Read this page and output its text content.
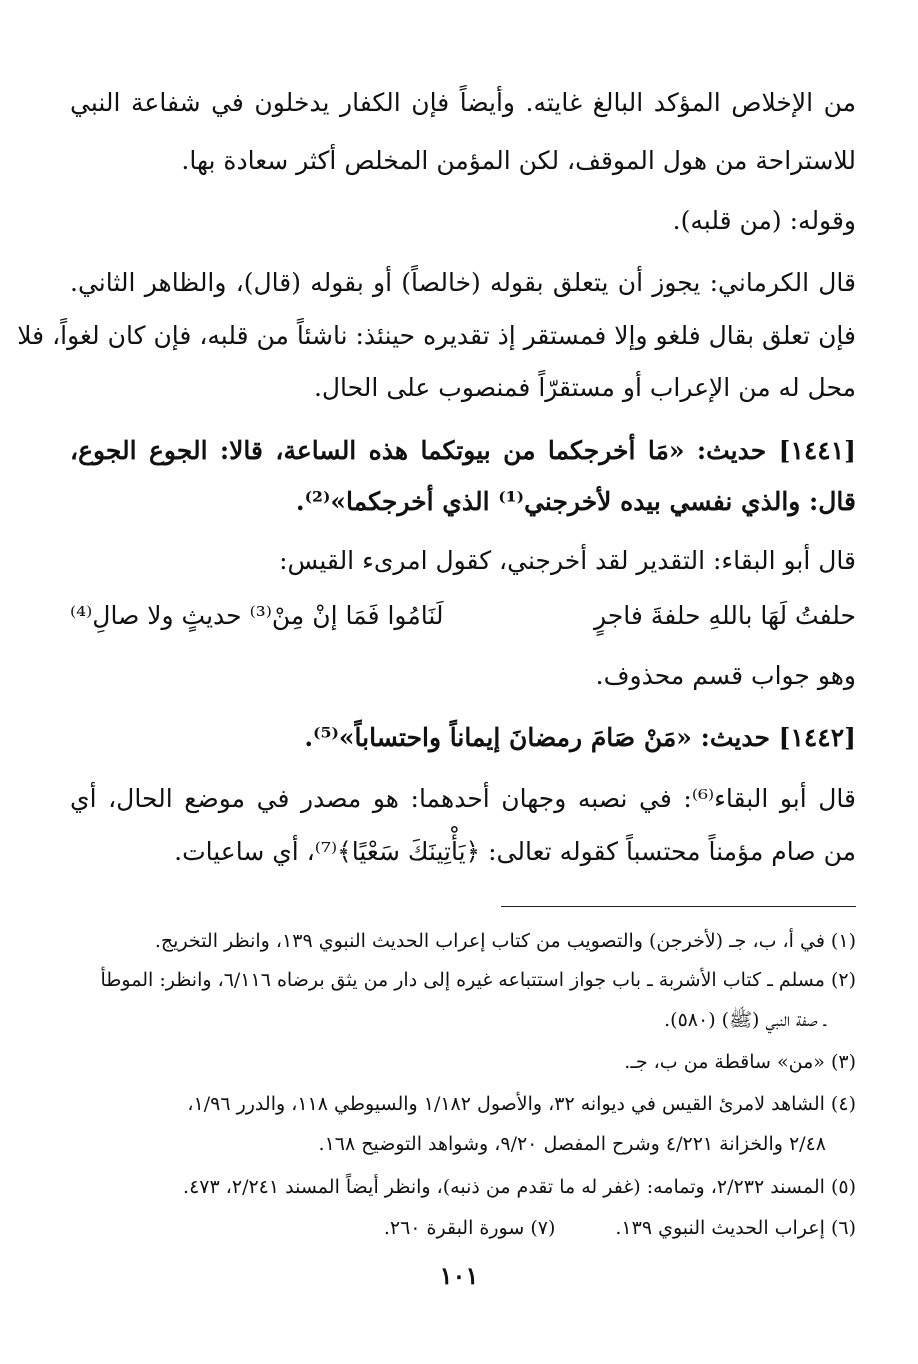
من الإخلاص المؤكد البالغ غايته. وأيضاً فإن الكفار يدخلون في شفاعة النبي
للاستراحة من هول الموقف، لكن المؤمن المخلص أكثر سعادة بها.
وقوله: (من قلبه).
قال الكرماني: يجوز أن يتعلق بقوله (خالصاً) أو بقوله (قال)، والظاهر الثاني.
فإن تعلق بقال فلغو وإلا فمستقر إذ تقديره حينئذ: ناشئاً من قلبه، فإن كان لغواً، فلا
محل له من الإعراب أو مستقرّاً فمنصوب على الحال.
[١٤٤١] حديث: «مَا أخرجكما من بيوتكما هذه الساعة، قالا: الجوع الجوع،
قال: والذي نفسي بيده لأخرجني⁽¹⁾ الذي أخرجكما»⁽²⁾.
قال أبو البقاء: التقدير لقد أخرجني، كقول امرىء القيس:
حلفتُ لَهَا باللهِ حلفةَ فاجرٍ
لَنَامُوا فَمَا إنْ مِنْ⁽³⁾ حديثٍ ولا صالِ⁽⁴⁾
وهو جواب قسم محذوف.
[١٤٤٢] حديث: «مَنْ صَامَ رمضانَ إيماناً واحتساباً»⁽⁵⁾.
قال أبو البقاء⁽⁶⁾: في نصبه وجهان أحدهما: هو مصدر في موضع الحال، أي
من صام مؤمناً محتسباً كقوله تعالى: ﴿يَأْتِينَكَ سَعْيًا﴾⁽⁷⁾، أي ساعيات.
(١) في أ، ب، جـ (لأخرجن) والتصويب من كتاب إعراب الحديث النبوي ١٣٩، وانظر التخريج.
(٢) مسلم ـ كتاب الأشربة ـ باب جواز استتباعه غيره إلى دار من يثق برضاه ٦/١١٦، وانظر: الموطأ
ـ صفة النبي (ﷺ) (٥٨٠).
(٣) «من» ساقطة من ب، جـ.
(٤) الشاهد لامرئ القيس في ديوانه ٣٢، والأصول ١/١٨٢ والسيوطي ١١٨، والدرر ١/٩٦،
٢/٤٨ والخزانة ٤/٢٢١ وشرح المفصل ٩/٢٠، وشواهد التوضيح ١٦٨.
(٥) المسند ٢/٢٣٢، وتمامه: (غفر له ما تقدم من ذنبه)، وانظر أيضاً المسند ٢/٢٤١، ٤٧٣.
(٦) إعراب الحديث النبوي ١٣٩.
(٧) سورة البقرة ٢٦٠.
١٠١
